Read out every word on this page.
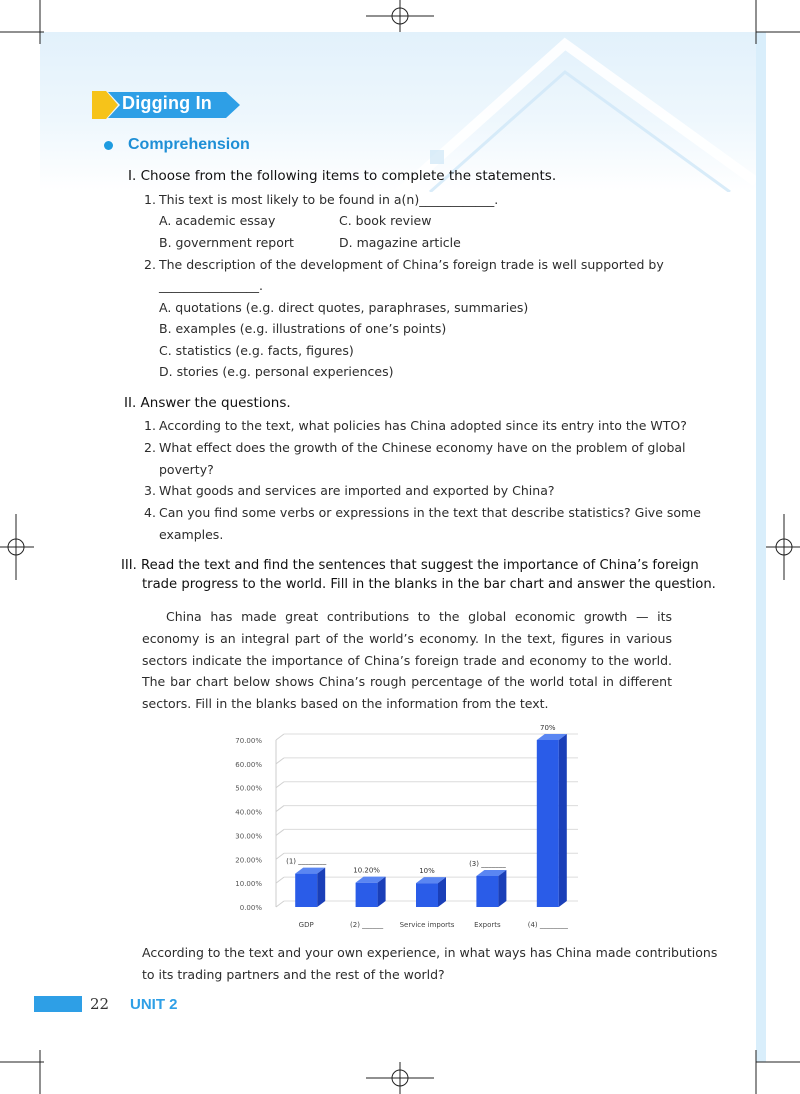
Digging In
Comprehension
I. Choose from the following items to complete the statements.
1. This text is most likely to be found in a(n)____________.
A. academic essay	C. book review
B. government report	D. magazine article
2. The description of the development of China’s foreign trade is well supported by
________________.
A. quotations (e.g. direct quotes, paraphrases, summaries)
B. examples (e.g. illustrations of one’s points)
C. statistics (e.g. facts, figures)
D. stories (e.g. personal experiences)
II. Answer the questions.
1. According to the text, what policies has China adopted since its entry into the WTO?
2. What effect does the growth of the Chinese economy have on the problem of global
poverty?
3. What goods and services are imported and exported by China?
4. Can you find some verbs or expressions in the text that describe statistics? Give some
examples.
III. Read the text and find the sentences that suggest the importance of China’s foreign
trade progress to the world. Fill in the blanks in the bar chart and answer the question.
China has made great contributions to the global economic growth — its economy is an integral part of the world’s economy. In the text, figures in various sectors indicate the importance of China’s foreign trade and economy to the world. The bar chart below shows China’s rough percentage of the world total in different sectors. Fill in the blanks based on the information from the text.
0.00%
10.00%
20.00%
30.00%
40.00%
50.00%
60.00%
70.00%
(1) ________
GDP
10.20%
(2) ______
10%
Service imports
(3) _______
Exports
70%
(4) ________
According to the text and your own experience, in what ways has China made contributions
to its trading partners and the rest of the world?
22 UNIT 2
